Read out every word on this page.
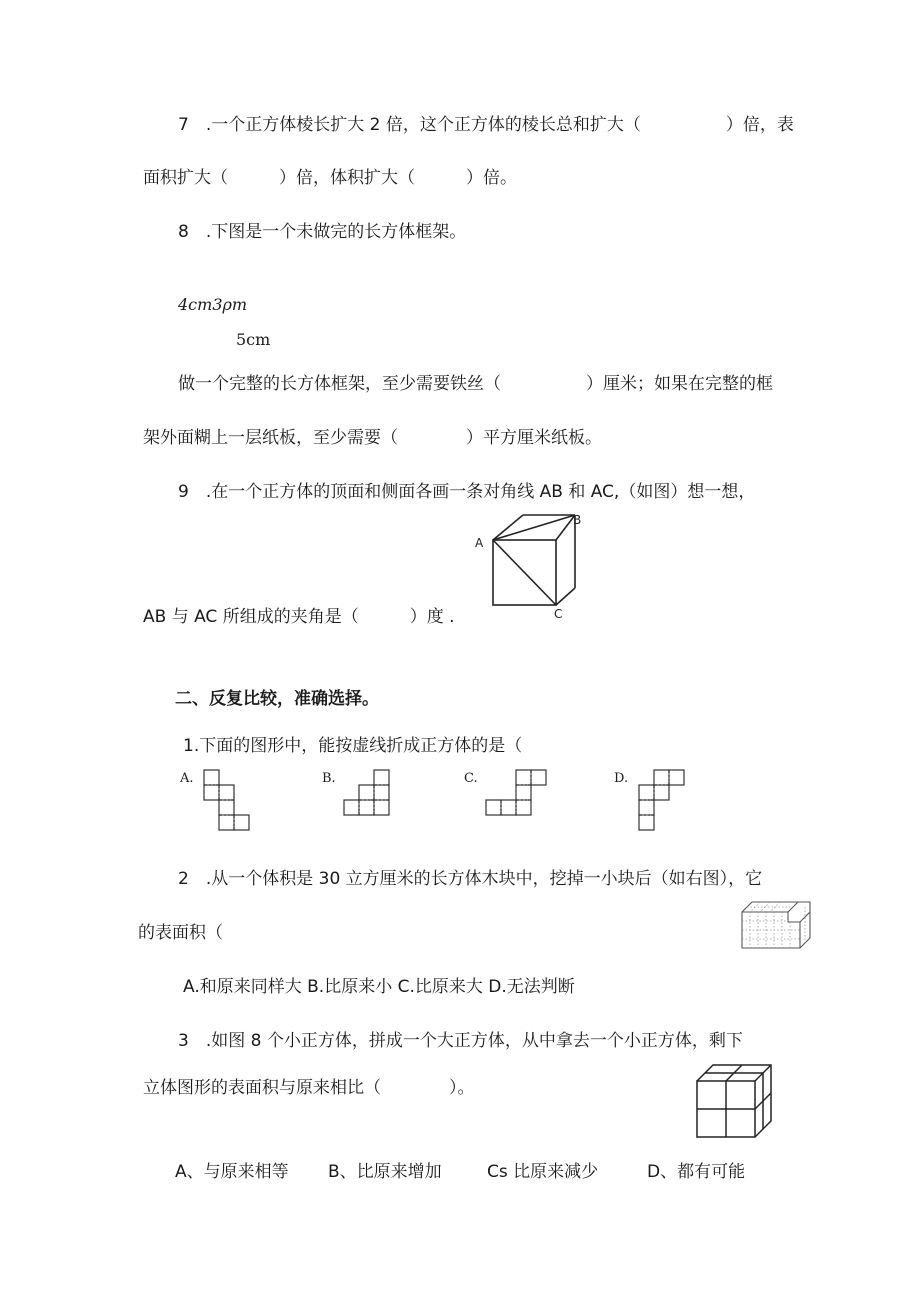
7　.一个正方体棱长扩大 2 倍，这个正方体的棱长总和扩大（　　　　　）倍，表
面积扩大（　　　）倍，体积扩大（　　　）倍。
8　.下图是一个未做完的长方体框架。
4cm3ρm
5cm
做一个完整的长方体框架，至少需要铁丝（　　　　　）厘米；如果在完整的框
架外面糊上一层纸板，至少需要（　　　　）平方厘米纸板。
9　.在一个正方体的顶面和侧面各画一条对角线 AB 和 AC,（如图）想一想，
AB 与 AC 所组成的夹角是（　　　）度 .
A
B
C
二、反复比较，准确选择。
1.下面的图形中，能按虚线折成正方体的是（
A.	B.	C.	D.
2　.从一个体积是 30 立方厘米的长方体木块中，挖掉一小块后（如右图），它
的表面积（
A.和原来同样大 B.比原来小 C.比原来大 D.无法判断
3　.如图 8 个小正方体，拼成一个大正方体，从中拿去一个小正方体，剩下
立体图形的表面积与原来相比（　　　　）。
A、与原来相等 B、比原来增加	Cs 比原来减少	D、都有可能
